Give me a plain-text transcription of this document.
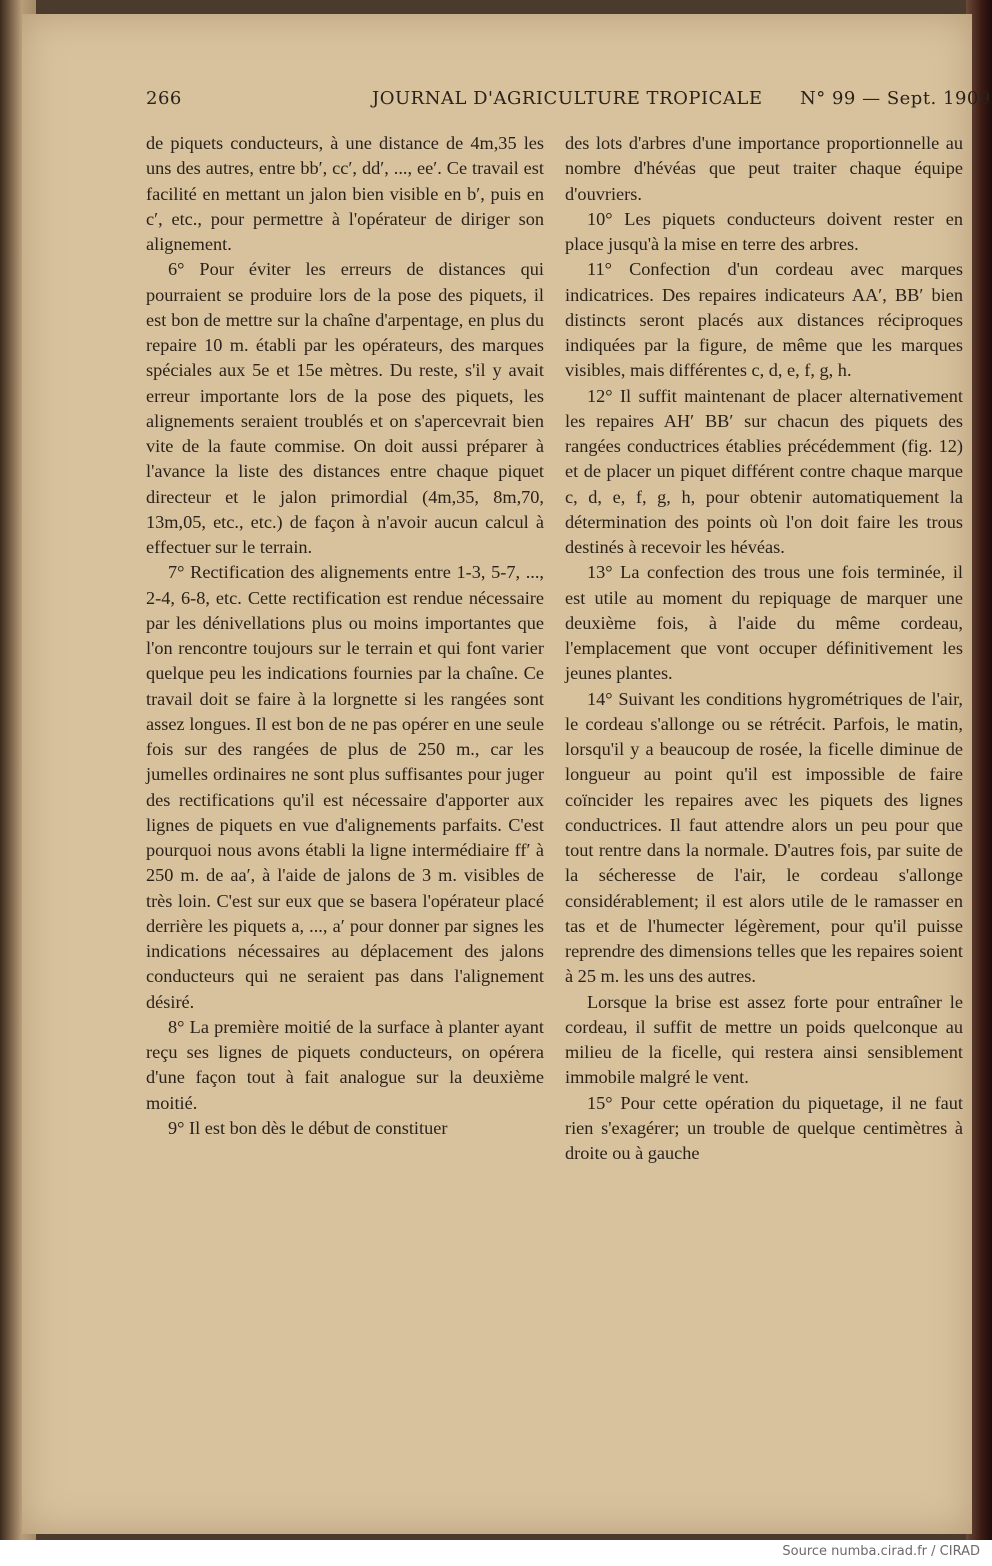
266	JOURNAL D'AGRICULTURE TROPICALE N° 99 — Sept. 1909

de piquets conducteurs, à une distance de 4m,35 les uns des autres, entre bb′, cc′, dd′, ..., ee′. Ce travail est facilité en mettant un jalon bien visible en b′, puis en c′, etc., pour permettre à l'opérateur de diriger son alignement.

6° Pour éviter les erreurs de distances qui pourraient se produire lors de la pose des piquets, il est bon de mettre sur la chaîne d'arpentage, en plus du repaire 10 m. établi par les opérateurs, des marques spéciales aux 5e et 15e mètres. Du reste, s'il y avait erreur importante lors de la pose des piquets, les alignements seraient troublés et on s'apercevrait bien vite de la faute commise. On doit aussi préparer à l'avance la liste des distances entre chaque piquet directeur et le jalon primordial (4m,35, 8m,70, 13m,05, etc., etc.) de façon à n'avoir aucun calcul à effectuer sur le terrain.

7° Rectification des alignements entre 1-3, 5-7, ..., 2-4, 6-8, etc. Cette rectification est rendue nécessaire par les dénivellations plus ou moins importantes que l'on rencontre toujours sur le terrain et qui font varier quelque peu les indications fournies par la chaîne. Ce travail doit se faire à la lorgnette si les rangées sont assez longues. Il est bon de ne pas opérer en une seule fois sur des rangées de plus de 250 m., car les jumelles ordinaires ne sont plus suffisantes pour juger des rectifications qu'il est nécessaire d'apporter aux lignes de piquets en vue d'alignements parfaits. C'est pourquoi nous avons établi la ligne intermédiaire ff′ à 250 m. de aa′, à l'aide de jalons de 3 m. visibles de très loin. C'est sur eux que se basera l'opérateur placé derrière les piquets a, ..., a′ pour donner par signes les indications nécessaires au déplacement des jalons conducteurs qui ne seraient pas dans l'alignement désiré.

8° La première moitié de la surface à planter ayant reçu ses lignes de piquets conducteurs, on opérera d'une façon tout à fait analogue sur la deuxième moitié.

9° Il est bon dès le début de constituer

des lots d'arbres d'une importance proportionnelle au nombre d'hévéas que peut traiter chaque équipe d'ouvriers.

10° Les piquets conducteurs doivent rester en place jusqu'à la mise en terre des arbres.

11° Confection d'un cordeau avec marques indicatrices. Des repaires indicateurs AA′, BB′ bien distincts seront placés aux distances réciproques indiquées par la figure, de même que les marques visibles, mais différentes c, d, e, f, g, h.

12° Il suffit maintenant de placer alternativement les repaires AH′ BB′ sur chacun des piquets des rangées conductrices établies précédemment (fig. 12) et de placer un piquet différent contre chaque marque c, d, e, f, g, h, pour obtenir automatiquement la détermination des points où l'on doit faire les trous destinés à recevoir les hévéas.

13° La confection des trous une fois terminée, il est utile au moment du repiquage de marquer une deuxième fois, à l'aide du même cordeau, l'emplacement que vont occuper définitivement les jeunes plantes.

14° Suivant les conditions hygrométriques de l'air, le cordeau s'allonge ou se rétrécit. Parfois, le matin, lorsqu'il y a beaucoup de rosée, la ficelle diminue de longueur au point qu'il est impossible de faire coïncider les repaires avec les piquets des lignes conductrices. Il faut attendre alors un peu pour que tout rentre dans la normale. D'autres fois, par suite de la sécheresse de l'air, le cordeau s'allonge considérablement; il est alors utile de le ramasser en tas et de l'humecter légèrement, pour qu'il puisse reprendre des dimensions telles que les repaires soient à 25 m. les uns des autres.

Lorsque la brise est assez forte pour entraîner le cordeau, il suffit de mettre un poids quelconque au milieu de la ficelle, qui restera ainsi sensiblement immobile malgré le vent.

15° Pour cette opération du piquetage, il ne faut rien s'exagérer; un trouble de quelque centimètres à droite ou à gauche

Source numba.cirad.fr / CIRAD
